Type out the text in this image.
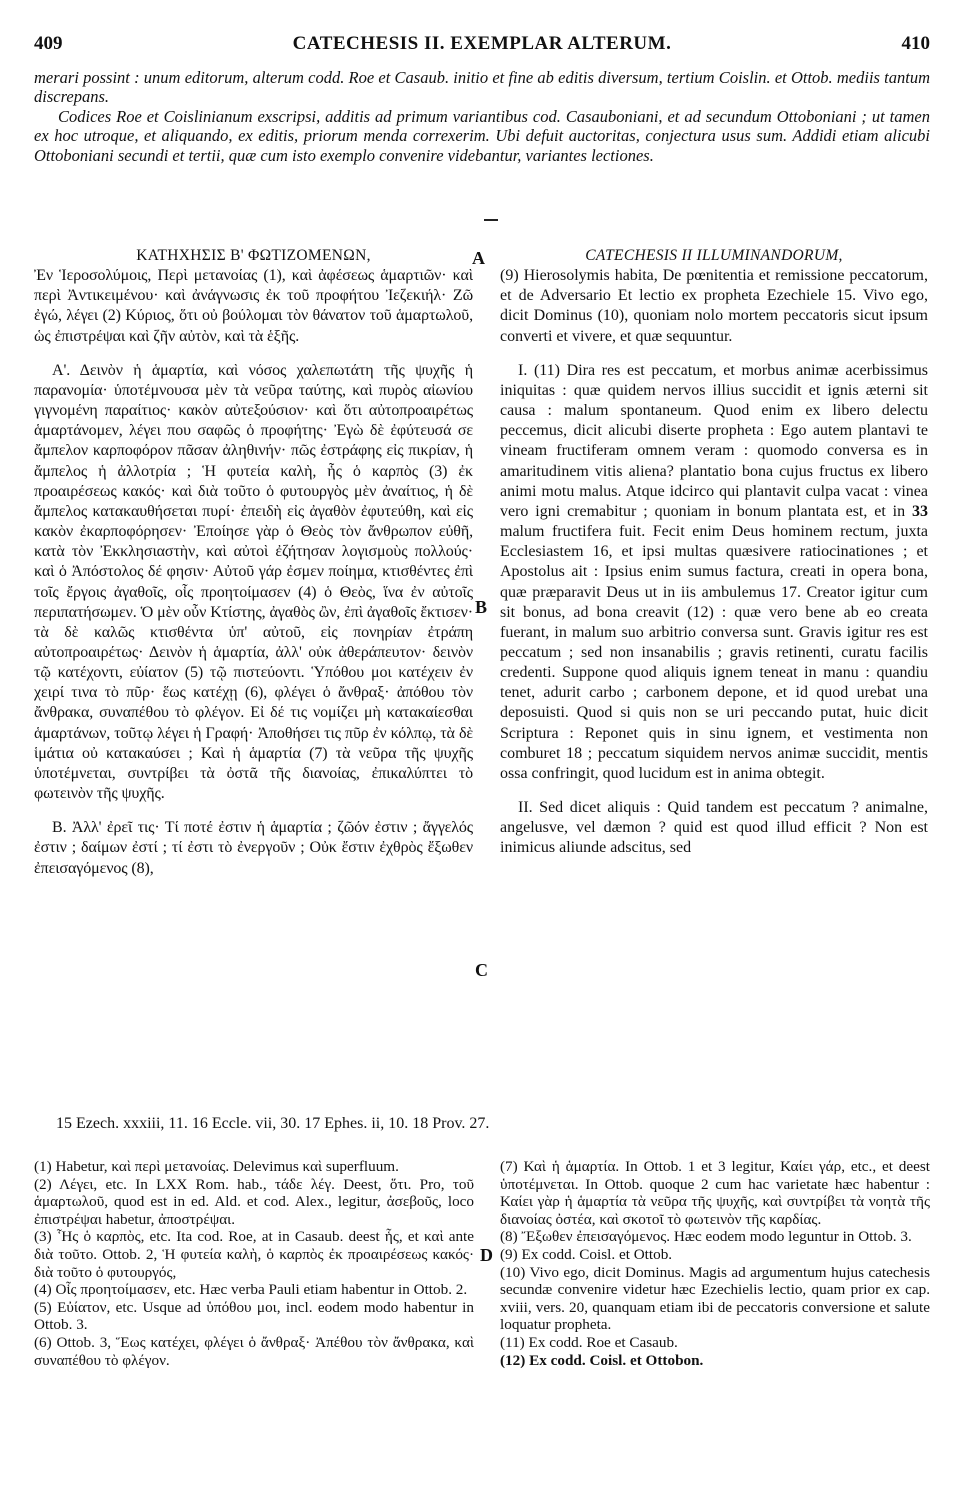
409	CATECHESIS II. EXEMPLAR ALTERUM.	410

merari possint : unum editorum, alterum codd. Roe et Casaub. initio et fine ab editis diversum, tertium Coislin. et Ottob. mediis tantum discrepans.

Codices Roe et Coislinianum exscripsi, additis ad primum variantibus cod. Casauboniani, et ad secundum Ottoboniani ; ut tamen ex hoc utroque, et aliquando, ex editis, priorum menda correxerim. Ubi defuit auctoritas, conjectura usus sum. Addidi etiam alicubi Ottoboniani secundi et tertii, quæ cum isto exemplo convenire videbantur, variantes lectiones.

A
B
C
D

ΚΑΤΗΧΗΣΙΣ Β' ΦΩΤΙΖΟΜΕΝΩΝ,

Ἐν Ἱεροσολύμοις, Περὶ μετανοίας (1), καὶ ἀφέσεως ἁμαρτιῶν· καὶ περὶ Ἀντικειμένου· καὶ ἀνάγνωσις ἐκ τοῦ προφήτου Ἰεζεκιήλ· Ζῶ ἐγώ, λέγει (2) Κύριος, ὅτι οὐ βούλομαι τὸν θάνατον τοῦ ἁμαρτωλοῦ, ὡς ἐπιστρέψαι καὶ ζῆν αὐτὸν, καὶ τὰ ἑξῆς.

Α'. Δεινὸν ἡ ἁμαρτία, καὶ νόσος χαλεπωτάτη τῆς ψυχῆς ἡ παρανομία· ὑποτέμνουσα μὲν τὰ νεῦρα ταύτης, καὶ πυρὸς αἰωνίου γιγνομένη παραίτιος· κακὸν αὐτεξούσιον· καὶ ὅτι αὐτοπροαιρέτως ἁμαρτάνομεν, λέγει που σαφῶς ὁ προφήτης· Ἐγὼ δὲ ἐφύτευσά σε ἄμπελον καρποφόρον πᾶσαν ἀληθινήν· πῶς ἐστράφης εἰς πικρίαν, ἡ ἄμπελος ἡ ἀλλοτρία ; Ἡ φυτεία καλὴ, ἧς ὁ καρπὸς (3) ἐκ προαιρέσεως κακός· καὶ διὰ τοῦτο ὁ φυτουργὸς μὲν ἀναίτιος, ἡ δὲ ἄμπελος κατακαυθήσεται πυρί· ἐπειδὴ εἰς ἀγαθὸν ἐφυτεύθη, καὶ εἰς κακὸν ἐκαρποφόρησεν· Ἐποίησε γὰρ ὁ Θεὸς τὸν ἄνθρωπον εὐθῆ, κατὰ τὸν Ἐκκλησιαστὴν, καὶ αὐτοὶ ἐζήτησαν λογισμοὺς πολλούς· καὶ ὁ Ἀπόστολος δέ φησιν· Αὐτοῦ γάρ ἐσμεν ποίημα, κτισθέντες ἐπὶ τοῖς ἔργοις ἀγαθοῖς, οἷς προητοίμασεν (4) ὁ Θεὸς, ἵνα ἐν αὐτοῖς περιπατήσωμεν. Ὁ μὲν οὖν Κτίστης, ἀγαθὸς ὢν, ἐπὶ ἀγαθοῖς ἔκτισεν· τὰ δὲ καλῶς κτισθέντα ὑπ' αὐτοῦ, εἰς πονηρίαν ἐτράπη αὐτοπροαιρέτως· Δεινὸν ἡ ἁμαρτία, ἀλλ' οὐκ ἀθεράπευτον· δεινὸν τῷ κατέχοντι, εὐίατον (5) τῷ πιστεύοντι. Ὑπόθου μοι κατέχειν ἐν χειρί τινα τὸ πῦρ· ἕως κατέχῃ (6), φλέγει ὁ ἄνθραξ· ἀπόθου τὸν ἄνθρακα, συναπέθου τὸ φλέγον. Εἰ δέ τις νομίζει μὴ κατακαίεσθαι ἁμαρτάνων, τοῦτῳ λέγει ἡ Γραφή· Ἀποθήσει τις πῦρ ἐν κόλπῳ, τὰ δὲ ἱμάτια οὐ κατακαύσει ; Καὶ ἡ ἁμαρτία (7) τὰ νεῦρα τῆς ψυχῆς ὑποτέμνεται, συντρίβει τὰ ὀστᾶ τῆς διανοίας, ἐπικαλύπτει τὸ φωτεινὸν τῆς ψυχῆς.

Β. Ἀλλ' ἐρεῖ τις· Τί ποτέ ἐστιν ἡ ἁμαρτία ; ζῶόν ἐστιν ; ἄγγελός ἐστιν ; δαίμων ἐστί ; τί ἐστι τὸ ἐνεργοῦν ; Οὐκ ἔστιν ἐχθρὸς ἔξωθεν ἐπεισαγόμενος (8),

CATECHESIS II ILLUMINANDORUM,

(9) Hierosolymis habita, De pœnitentia et remissione peccatorum, et de Adversario Et lectio ex propheta Ezechiele 15. Vivo ego, dicit Dominus (10), quoniam nolo mortem peccatoris sicut ipsum converti et vivere, et quæ sequuntur.

I. (11) Dira res est peccatum, et morbus animæ acerbissimus iniquitas : quæ quidem nervos illius succidit et ignis æterni sit causa : malum spontaneum. Quod enim ex libero delectu peccemus, dicit alicubi diserte propheta : Ego autem plantavi te vineam fructiferam omnem veram : quomodo conversa es in amaritudinem vitis aliena? plantatio bona cujus fructus ex libero animi motu malus. Atque idcirco qui plantavit culpa vacat : vinea vero igni cremabitur ; quoniam in bonum plantata est, et in 33 malum fructifera fuit. Fecit enim Deus hominem rectum, juxta Ecclesiastem 16, et ipsi multas quæsivere ratiocinationes ; et Apostolus ait : Ipsius enim sumus factura, creati in opera bona, quæ præparavit Deus ut in iis ambulemus 17. Creator igitur cum sit bonus, ad bona creavit (12) : quæ vero bene ab eo creata fuerant, in malum suo arbitrio conversa sunt. Gravis igitur res est peccatum ; sed non insanabilis ; gravis retinenti, curatu facilis credenti. Suppone quod aliquis ignem teneat in manu : quandiu tenet, adurit carbo ; carbonem depone, et id quod urebat una deposuisti. Quod si quis non se uri peccando putat, huic dicit Scriptura : Reponet quis in sinu ignem, et vestimenta non comburet 18 ; peccatum siquidem nervos animæ succidit, mentis ossa confringit, quod lucidum est in anima obtegit.

II. Sed dicet aliquis : Quid tandem est peccatum ? animalne, angelusve, vel dæmon ? quid est quod illud efficit ? Non est inimicus aliunde adscitus, sed

15 Ezech. xxxiii, 11. 16 Eccle. vii, 30. 17 Ephes. ii, 10. 18 Prov. 27.

(1) Habetur, καὶ περὶ μετανοίας. Delevimus καὶ superfluum.

(2) Λέγει, etc. In LXX Rom. hab., τάδε λέγ. Deest, ὅτι. Pro, τοῦ ἁμαρτωλοῦ, quod est in ed. Ald. et cod. Alex., legitur, ἀσεβοῦς, loco ἐπιστρέψαι habetur, ἀποστρέψαι.

(3) Ἧς ὁ καρπὸς, etc. Ita cod. Roe, at in Casaub. deest ἧς, et καὶ ante διὰ τοῦτο. Ottob. 2, Ἡ φυτεία καλὴ, ὁ καρπὸς ἐκ προαιρέσεως κακός· διὰ τοῦτο ὁ φυτουργός,

(4) Οἷς προητοίμασεν, etc. Hæc verba Pauli etiam habentur in Ottob. 2.

(5) Εὐίατον, etc. Usque ad ὑπόθου μοι, incl. eodem modo habentur in Ottob. 3.

(6) Ottob. 3, Ἕως κατέχει, φλέγει ὁ ἄνθραξ· Ἀπέθου τὸν ἄνθρακα, καὶ συναπέθου τὸ φλέγον.

(7) Καὶ ἡ ἁμαρτία. In Ottob. 1 et 3 legitur, Καίει γάρ, etc., et deest ὑποτέμνεται. In Ottob. quoque 2 cum hac varietate hæc habentur : Καίει γὰρ ἡ ἁμαρτία τὰ νεῦρα τῆς ψυχῆς, καὶ συντρίβει τὰ νοητὰ τῆς διανοίας ὀστέα, καὶ σκοτοῖ τὸ φωτεινὸν τῆς καρδίας.

(8) Ἔξωθεν ἐπεισαγόμενος. Hæc eodem modo leguntur in Ottob. 3.

(9) Ex codd. Coisl. et Ottob.

(10) Vivo ego, dicit Dominus. Magis ad argumentum hujus catechesis secundæ convenire videtur hæc Ezechielis lectio, quam prior ex cap. xviii, vers. 20, quanquam etiam ibi de peccatoris conversione et salute loquatur propheta.

(11) Ex codd. Roe et Casaub.

(12) Ex codd. Coisl. et Ottobon.
